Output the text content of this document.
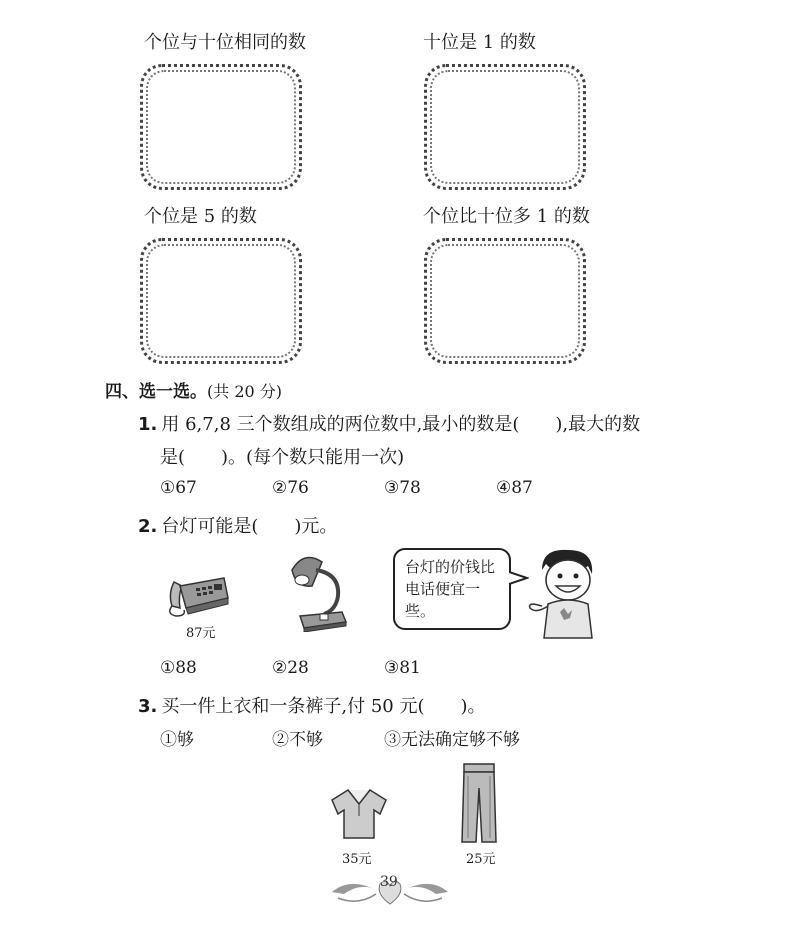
个位与十位相同的数	十位是 1 的数
个位是 5 的数	个位比十位多 1 的数
四、选一选。(共 20 分)
1. 用 6,7,8 三个数组成的两位数中,最小的数是(　　),最大的数
是(　　)。(每个数只能用一次)
①67	②76	③78	④87
2. 台灯可能是(　　)元。
87元
台灯的价钱比
电话便宜一些。
①88	②28	③81
3. 买一件上衣和一条裤子,付 50 元(　　)。
①够	②不够	③无法确定够不够
35元	25元
39
